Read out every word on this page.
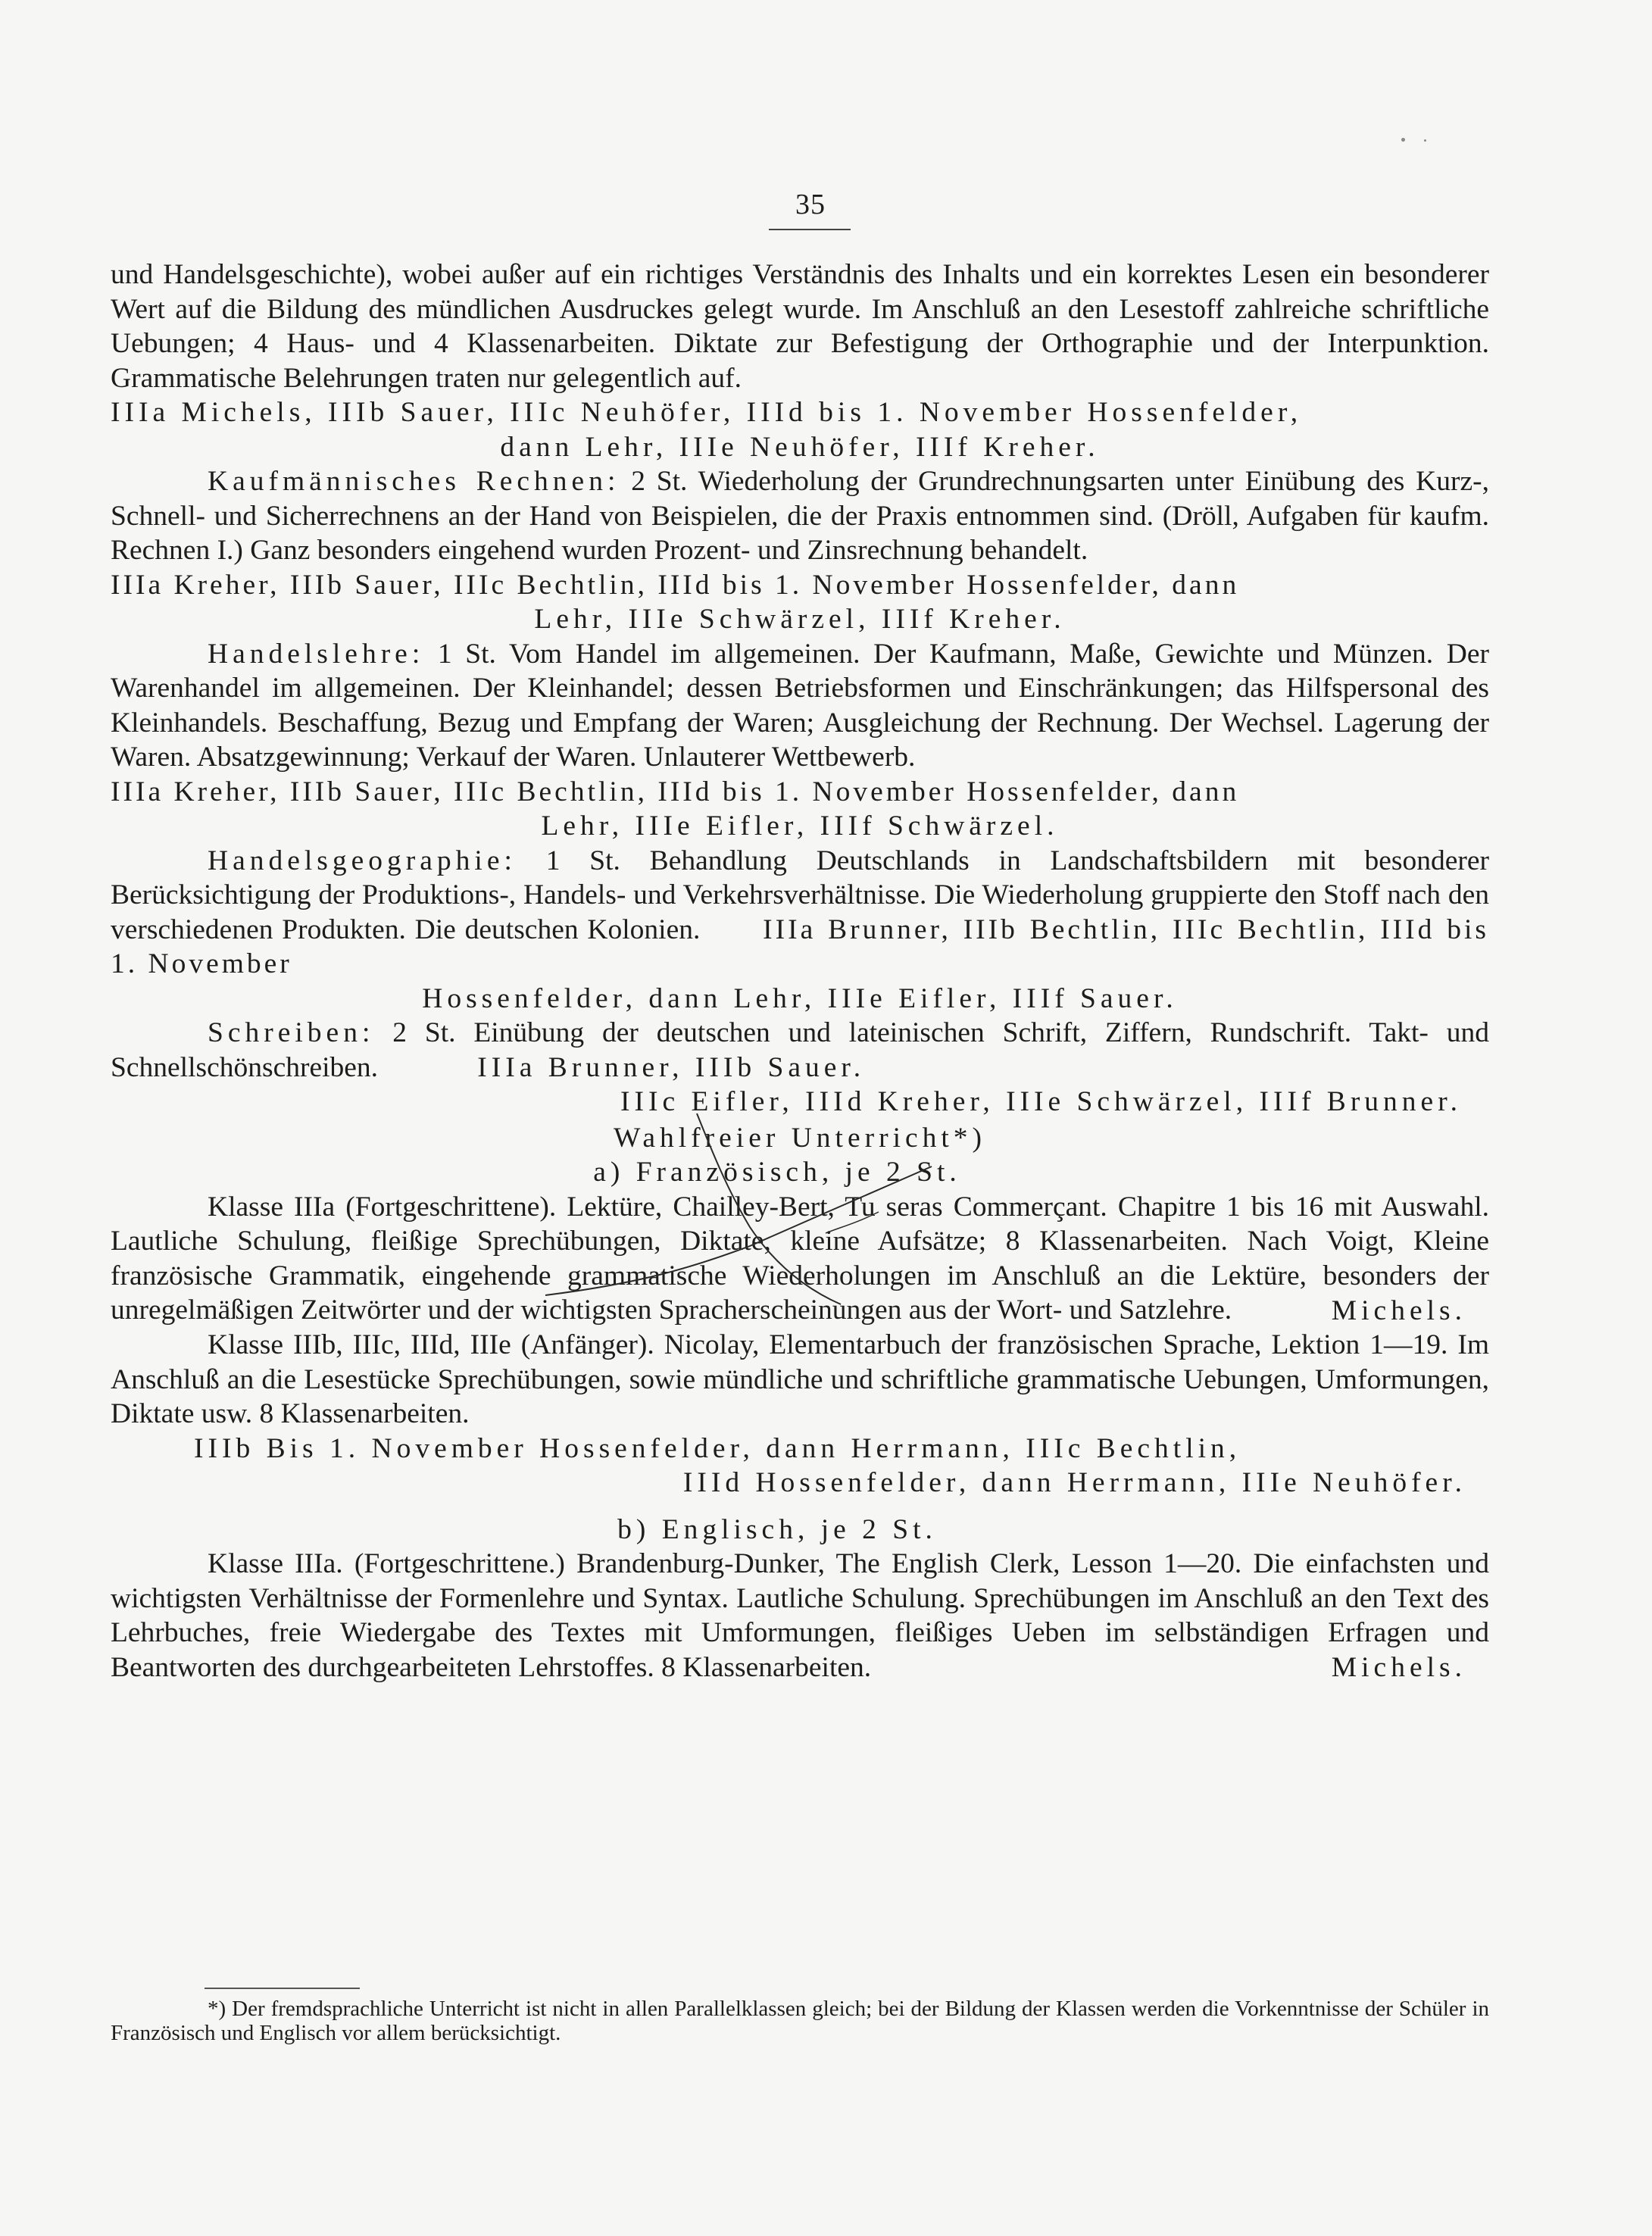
35

und Handelsgeschichte), wobei außer auf ein richtiges Verständnis des Inhalts und ein korrektes Lesen ein besonderer Wert auf die Bildung des mündlichen Ausdruckes gelegt wurde. Im Anschluß an den Lesestoff zahlreiche schriftliche Uebungen; 4 Haus- und 4 Klassenarbeiten. Diktate zur Befestigung der Orthographie und der Interpunktion. Grammatische Belehrungen traten nur gelegentlich auf.

IIIa Michels, IIIb Sauer, IIIc Neuhöfer, IIId bis 1. November Hossenfelder,

dann Lehr, IIIe Neuhöfer, IIIf Kreher.

Kaufmännisches Rechnen: 2 St. Wiederholung der Grundrechnungsarten unter Einübung des Kurz-, Schnell- und Sicherrechnens an der Hand von Beispielen, die der Praxis entnommen sind. (Dröll, Aufgaben für kaufm. Rechnen I.) Ganz besonders eingehend wurden Prozent- und Zinsrechnung behandelt.

IIIa Kreher, IIIb Sauer, IIIc Bechtlin, IIId bis 1. November Hossenfelder, dann

Lehr, IIIe Schwärzel, IIIf Kreher.

Handelslehre: 1 St. Vom Handel im allgemeinen. Der Kaufmann, Maße, Gewichte und Münzen. Der Warenhandel im allgemeinen. Der Kleinhandel; dessen Betriebsformen und Einschränkungen; das Hilfspersonal des Kleinhandels. Beschaffung, Bezug und Empfang der Waren; Ausgleichung der Rechnung. Der Wechsel. Lagerung der Waren. Absatzgewinnung; Verkauf der Waren. Unlauterer Wettbewerb.

IIIa Kreher, IIIb Sauer, IIIc Bechtlin, IIId bis 1. November Hossenfelder, dann

Lehr, IIIe Eifler, IIIf Schwärzel.

Handelsgeographie: 1 St. Behandlung Deutschlands in Landschaftsbildern mit besonderer Berücksichtigung der Produktions-, Handels- und Verkehrsverhältnisse. Die Wiederholung gruppierte den Stoff nach den verschiedenen Produkten. Die deutschen Kolonien. IIIa Brunner, IIIb Bechtlin, IIIc Bechtlin, IIId bis 1. November

Hossenfelder, dann Lehr, IIIe Eifler, IIIf Sauer.

Schreiben: 2 St. Einübung der deutschen und lateinischen Schrift, Ziffern, Rundschrift. Takt- und Schnellschönschreiben.	IIIa Brunner, IIIb Sauer.

IIIc Eifler, IIId Kreher, IIIe Schwärzel, IIIf Brunner.

Wahlfreier Unterricht*)

a) Französisch, je 2 St.

Klasse IIIa (Fortgeschrittene). Lektüre, Chailley-Bert, Tu seras Commerçant. Chapitre 1 bis 16 mit Auswahl. Lautliche Schulung, fleißige Sprechübungen, Diktate, kleine Aufsätze; 8 Klassenarbeiten. Nach Voigt, Kleine französische Grammatik, eingehende grammatische Wiederholungen im Anschluß an die Lektüre, besonders der unregelmäßigen Zeitwörter und der wichtigsten Spracherscheinungen aus der Wort- und Satzlehre.	Michels.

Klasse IIIb, IIIc, IIId, IIIe (Anfänger). Nicolay, Elementarbuch der französischen Sprache, Lektion 1—19. Im Anschluß an die Lesestücke Sprechübungen, sowie mündliche und schriftliche grammatische Uebungen, Umformungen, Diktate usw. 8 Klassenarbeiten.

IIIb Bis 1. November Hossenfelder, dann Herrmann, IIIc Bechtlin,

IIId Hossenfelder, dann Herrmann, IIIe Neuhöfer.

b) Englisch, je 2 St.

Klasse IIIa. (Fortgeschrittene.) Brandenburg-Dunker, The English Clerk, Lesson 1—20. Die einfachsten und wichtigsten Verhältnisse der Formenlehre und Syntax. Lautliche Schulung. Sprechübungen im Anschluß an den Text des Lehrbuches, freie Wiedergabe des Textes mit Umformungen, fleißiges Ueben im selbständigen Erfragen und Beantworten des durchgearbeiteten Lehrstoffes. 8 Klassenarbeiten.	Michels.

*) Der fremdsprachliche Unterricht ist nicht in allen Parallelklassen gleich; bei der Bildung der Klassen werden die Vorkenntnisse der Schüler in Französisch und Englisch vor allem berücksichtigt.
